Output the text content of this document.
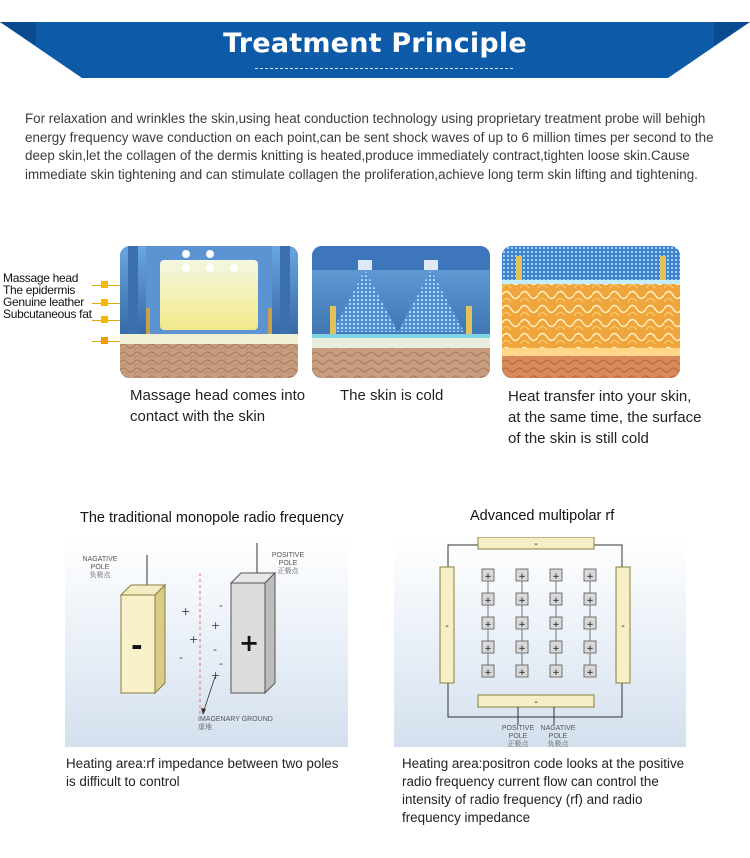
Treatment Principle
For relaxation and wrinkles the skin,using heat conduction technology using proprietary treatment probe will behigh energy frequency wave conduction on each point,can be sent shock waves of up to 6 million times per second to the deep skin,let the collagen of the dermis knitting is heated,produce immediately contract,tighten loose skin.Cause immediate skin tightening and can stimulate collagen the proliferation,achieve long term skin lifting and tightening.
Massage head
The epidermis
Genuine leather
Subcutaneous fat
Massage head comes into
contact with the skin
The skin is cold	Heat transfer into your skin,
at the same time, the surface
of the skin is still cold
The traditional monopole radio frequency
+
+
+
+
-
-
-
-
-	+
NAGATIVE
POLE
负极点
POSITIVE
POLE
正极点
IMAGENARY GROUND
虚地
Heating area:rf impedance between two poles is difficult to control
Advanced multipolar rf
-
-
-	-
+
+
+
+
+
+
+
+
+
+
+
+
+
+
+
+
+
+
+
+
POSITIVE POLE
正极点
NAGATIVE POLE
负极点
Heating area:positron code looks at the positive radio frequency current flow can control the intensity of radio frequency (rf) and radio frequency impedance
